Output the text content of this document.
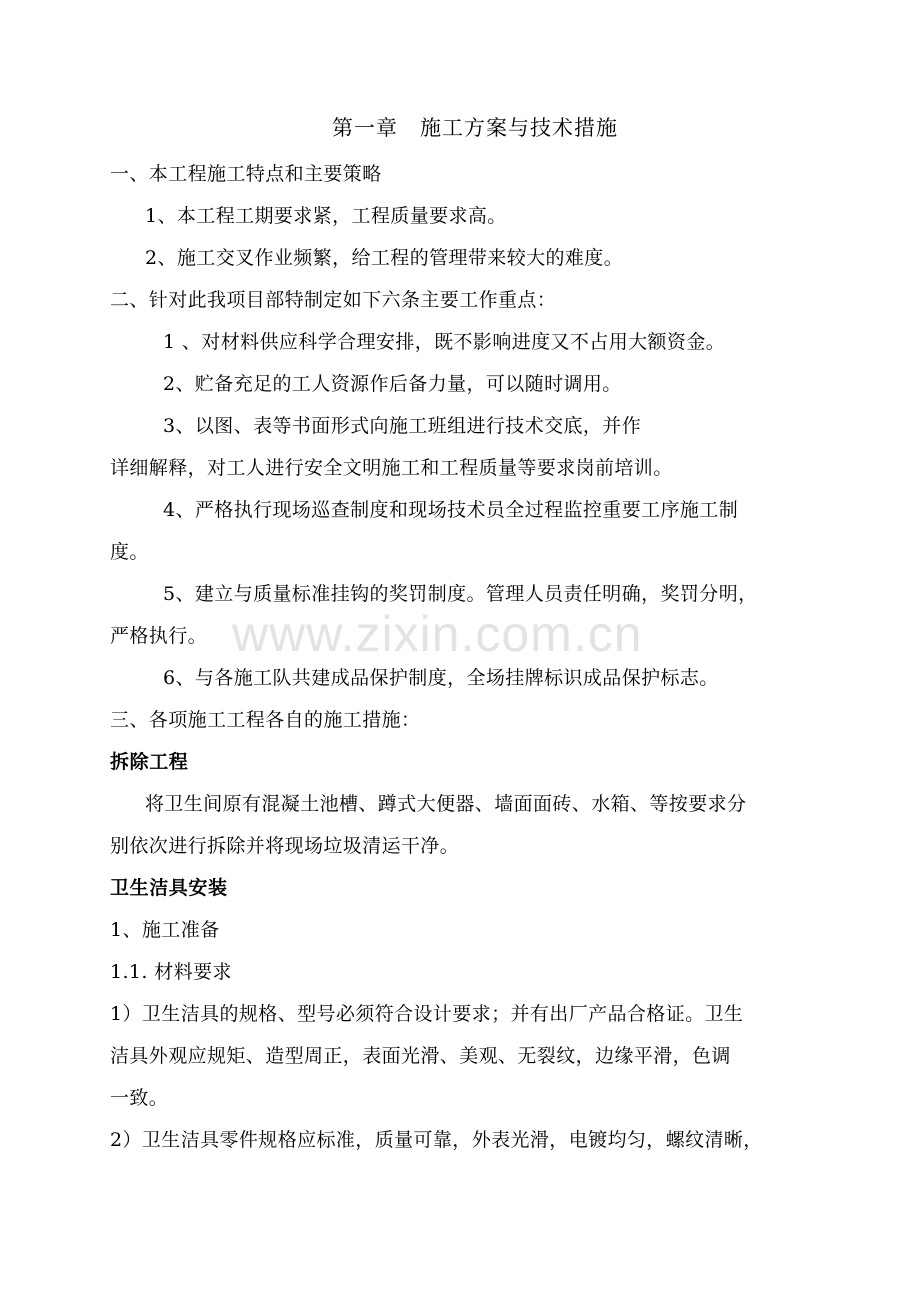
第一章 施工方案与技术措施

一、本工程施工特点和主要策略

1、本工程工期要求紧，工程质量要求高。

2、施工交叉作业频繁，给工程的管理带来较大的难度。

二、针对此我项目部特制定如下六条主要工作重点：

1 、对材料供应科学合理安排，既不影响进度又不占用大额资金。

2、贮备充足的工人资源作后备力量，可以随时调用。

3、以图、表等书面形式向施工班组进行技术交底，并作

详细解释，对工人进行安全文明施工和工程质量等要求岗前培训。

4、严格执行现场巡查制度和现场技术员全过程监控重要工序施工制

度。

5、建立与质量标准挂钩的奖罚制度。管理人员责任明确，奖罚分明，

严格执行。

6、与各施工队共建成品保护制度，全场挂牌标识成品保护标志。

三、各项施工工程各自的施工措施：

拆除工程

将卫生间原有混凝土池槽、蹲式大便器、墙面面砖、水箱、等按要求分

别依次进行拆除并将现场垃圾清运干净。

卫生洁具安装

1、施工准备

1.1. 材料要求

1）卫生洁具的规格、型号必须符合设计要求；并有出厂产品合格证。卫生

洁具外观应规矩、造型周正，表面光滑、美观、无裂纹，边缘平滑，色调

一致。

2）卫生洁具零件规格应标准，质量可靠，外表光滑，电镀均匀，螺纹清晰，

www.zixin.com.cn
